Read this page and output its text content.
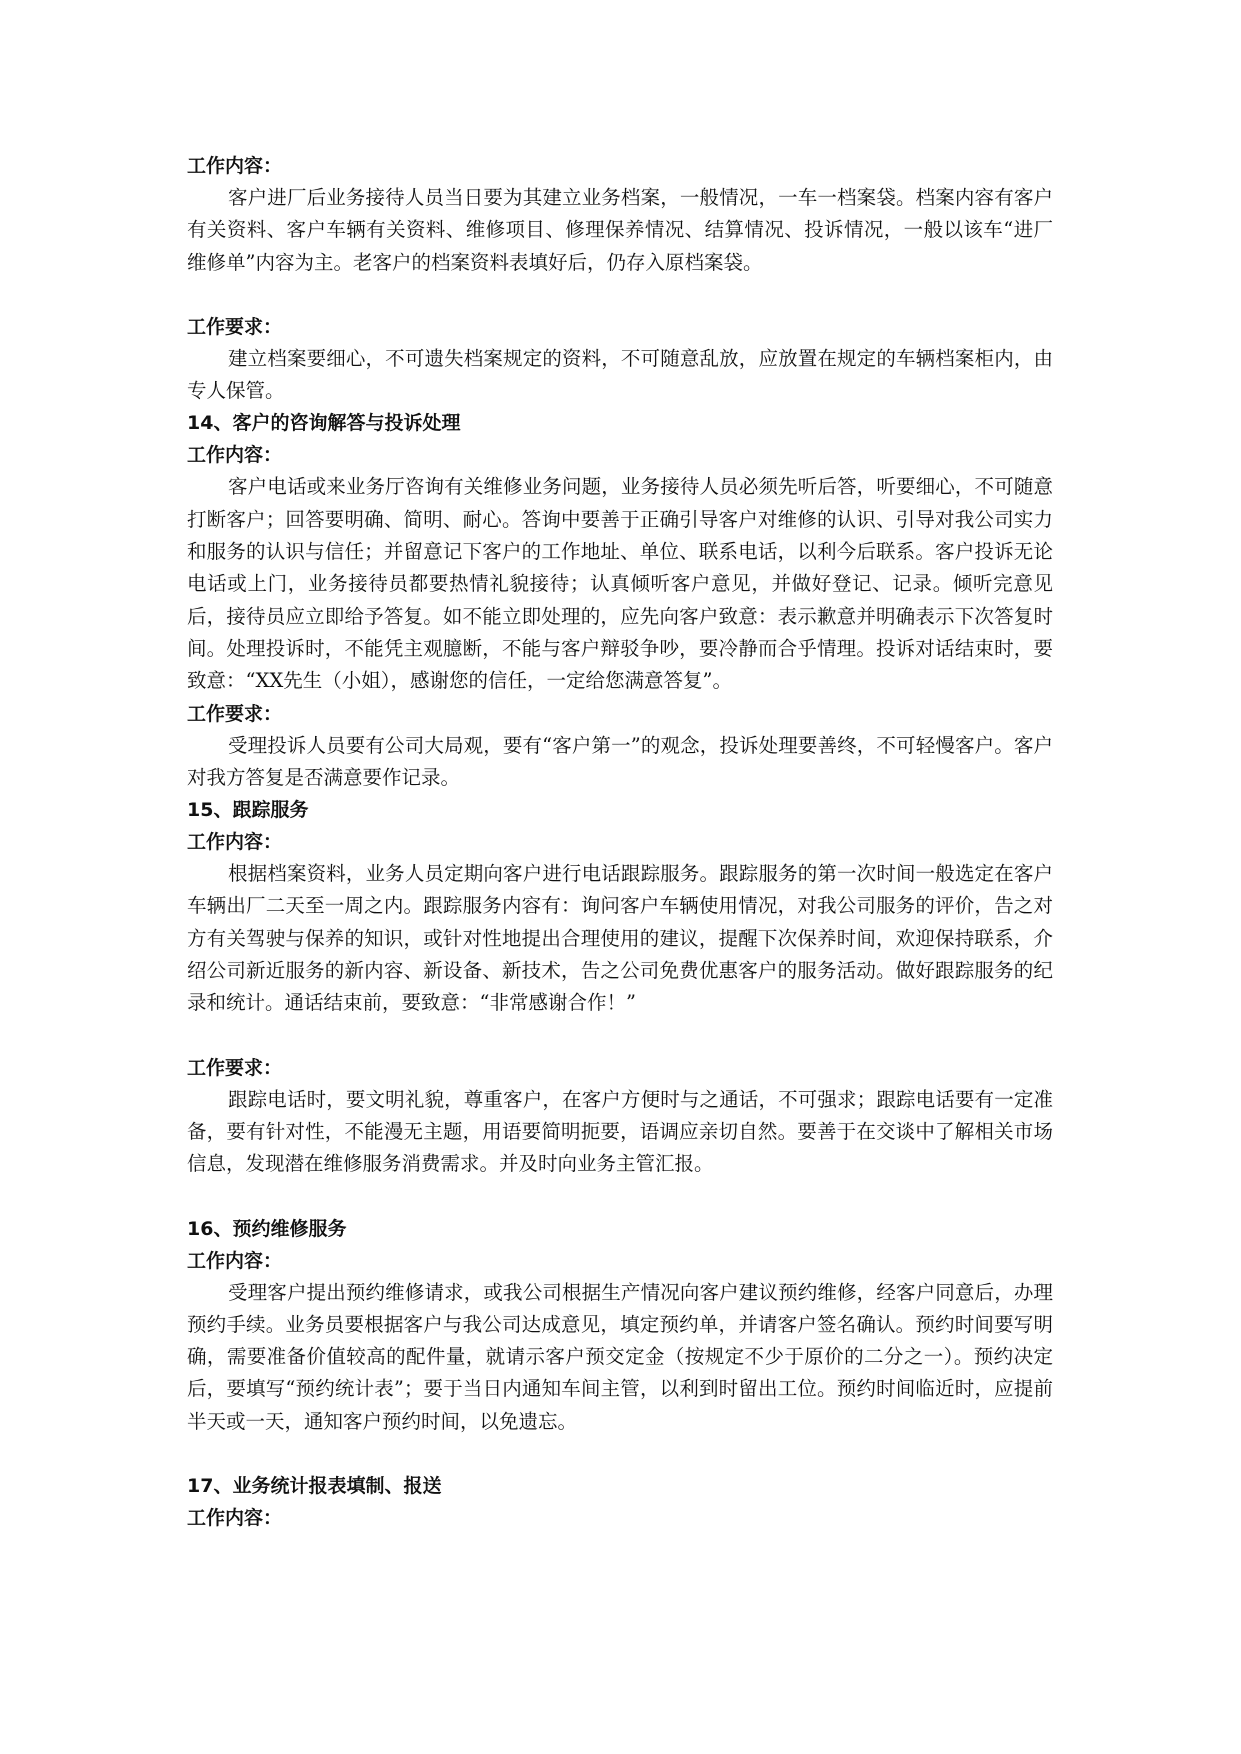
工作内容：

客户进厂后业务接待人员当日要为其建立业务档案，一般情况，一车一档案袋。档案内容有客户有关资料、客户车辆有关资料、维修项目、修理保养情况、结算情况、投诉情况，一般以该车“进厂维修单”内容为主。老客户的档案资料表填好后，仍存入原档案袋。

工作要求：

建立档案要细心，不可遗失档案规定的资料，不可随意乱放，应放置在规定的车辆档案柜内，由专人保管。

14、客户的咨询解答与投诉处理

工作内容：

客户电话或来业务厅咨询有关维修业务问题，业务接待人员必须先听后答，听要细心，不可随意打断客户；回答要明确、简明、耐心。答询中要善于正确引导客户对维修的认识、引导对我公司实力和服务的认识与信任；并留意记下客户的工作地址、单位、联系电话，以利今后联系。客户投诉无论电话或上门，业务接待员都要热情礼貌接待；认真倾听客户意见，并做好登记、记录。倾听完意见后，接待员应立即给予答复。如不能立即处理的，应先向客户致意：表示歉意并明确表示下次答复时间。处理投诉时，不能凭主观臆断，不能与客户辩驳争吵，要冷静而合乎情理。投诉对话结束时，要致意：“XX先生（小姐），感谢您的信任，一定给您满意答复”。

工作要求：

受理投诉人员要有公司大局观，要有“客户第一”的观念，投诉处理要善终，不可轻慢客户。客户对我方答复是否满意要作记录。

15、跟踪服务

工作内容：

根据档案资料，业务人员定期向客户进行电话跟踪服务。跟踪服务的第一次时间一般选定在客户车辆出厂二天至一周之内。跟踪服务内容有：询问客户车辆使用情况，对我公司服务的评价，告之对方有关驾驶与保养的知识，或针对性地提出合理使用的建议，提醒下次保养时间，欢迎保持联系，介绍公司新近服务的新内容、新设备、新技术，告之公司免费优惠客户的服务活动。做好跟踪服务的纪录和统计。通话结束前，要致意：“非常感谢合作！”

工作要求：

跟踪电话时，要文明礼貌，尊重客户，在客户方便时与之通话，不可强求；跟踪电话要有一定准备，要有针对性，不能漫无主题，用语要简明扼要，语调应亲切自然。要善于在交谈中了解相关市场信息，发现潜在维修服务消费需求。并及时向业务主管汇报。

16、预约维修服务

工作内容：

受理客户提出预约维修请求，或我公司根据生产情况向客户建议预约维修，经客户同意后，办理预约手续。业务员要根据客户与我公司达成意见，填定预约单，并请客户签名确认。预约时间要写明确，需要准备价值较高的配件量，就请示客户预交定金（按规定不少于原价的二分之一）。预约决定后，要填写“预约统计表”；要于当日内通知车间主管，以利到时留出工位。预约时间临近时，应提前半天或一天，通知客户预约时间，以免遗忘。

17、业务统计报表填制、报送

工作内容：
